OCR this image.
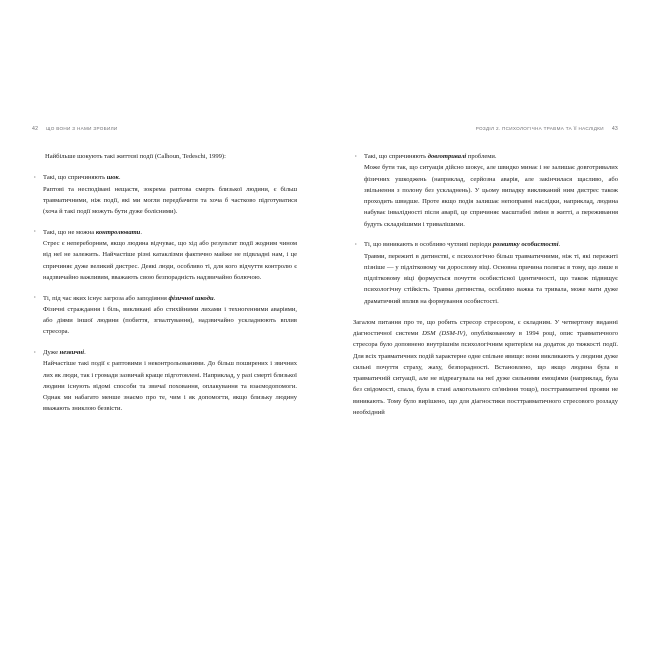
42 ЩО ВОНИ З НАМИ ЗРОБИЛИ

Найбільше шокують такі життєві події (Calhoun, Tedeschi, 1999):

· Такі, що спричиняють шок.

Раптові та несподівані нещастя, зокрема раптова смерть близької людини, є більш травматичними, ніж події, які ми могли передбачити та хоча б частково підготуватися (хоча й такі події можуть бути дуже болісними).

· Такі, що не можна контролювати.

Стрес є непереборним, якщо людина відчуває, що хід або результат події жодним чином від неї не залежить. Найчастіше різні катаклізми фактично майже не підвладні нам, і це спричиняє дуже великий дистрес. Деякі люди, особливо ті, для кого відчуття контролю є надзвичайно важливим, вважають свою безпорадність надзвичайно болючою.

· Ті, під час яких існує загроза або заподіяння фізичної шкоди.

Фізичні страждання і біль, викликані або стихійними лихами і техногенними аваріями, або діями іншої людини (побиття, згвалтування), надзвичайно ускладнюють вплив стресора.

· Дуже незвичні.

Найчастіше такі події є раптовими і неконтрольованими. До більш поширених і звичних лих як люди, так і громади зазвичай краще підготовлені. Наприклад, у разі смерті близької людини існують відомі способи та звичаї поховання, оплакування та взаємодопомоги. Однак ми набагато менше знаємо про те, чим і як допомогти, якщо близьку людину вважають зниклою безвісти.

РОЗДІЛ 2. ПСИХОЛОГІЧНА ТРАВМА ТА ЇЇ НАСЛІДКИ 43

· Такі, що спричиняють довготривалі проблеми.

Може бути так, що ситуація дійсно шокує, але швидко минає і не залишає довготривалих фізичних ушкоджень (наприклад, серйозна аварія, але закінчилася щасливо, або звільнення з полону без ускладнень). У цьому випадку викликаний ним дистрес також проходить швидше. Проте якщо подія залишає непоправні наслідки, наприклад, людина набуває інвалідності після аварії, це спричиняє масштабні зміни в житті, а переживання будуть складнішими і тривалішими.

· Ті, що виникають в особливо чутливі періоди розвитку особистості.

Травми, пережиті в дитинстві, є психологічно більш травматичними, ніж ті, які пережиті пізніше — у підлітковому чи дорослому віці. Основна причина полягає в тому, що лише в підлітковому віці формується почуття особистісної ідентичності, що також підвищує психологічну стійкість. Травма дитинства, особливо важка та тривала, може мати дуже драматичний вплив на формування особистості.

Загалом питання про те, що робить стресор стресором, є складним. У четвертому виданні діагностичної системи DSM (DSM-IV), опублікованому в 1994 році, опис травматичного стресора було доповнено внутрішнім психологічним критерієм на додаток до тяжкості події. Для всіх травматичних подій характерне одне спільне явище: вони викликають у людини дуже сильні почуття страху, жаху, безпорадності. Встановлено, що якщо людина була в травматичній ситуації, але не відреагувала на неї дуже сильними емоціями (наприклад, була без свідомості, спала, була в стані алкогольного сп'яніння тощо), посттравматичні прояви не виникають. Тому було вирішено, що для діагностики посттравматичного стресового розладу необхідний
